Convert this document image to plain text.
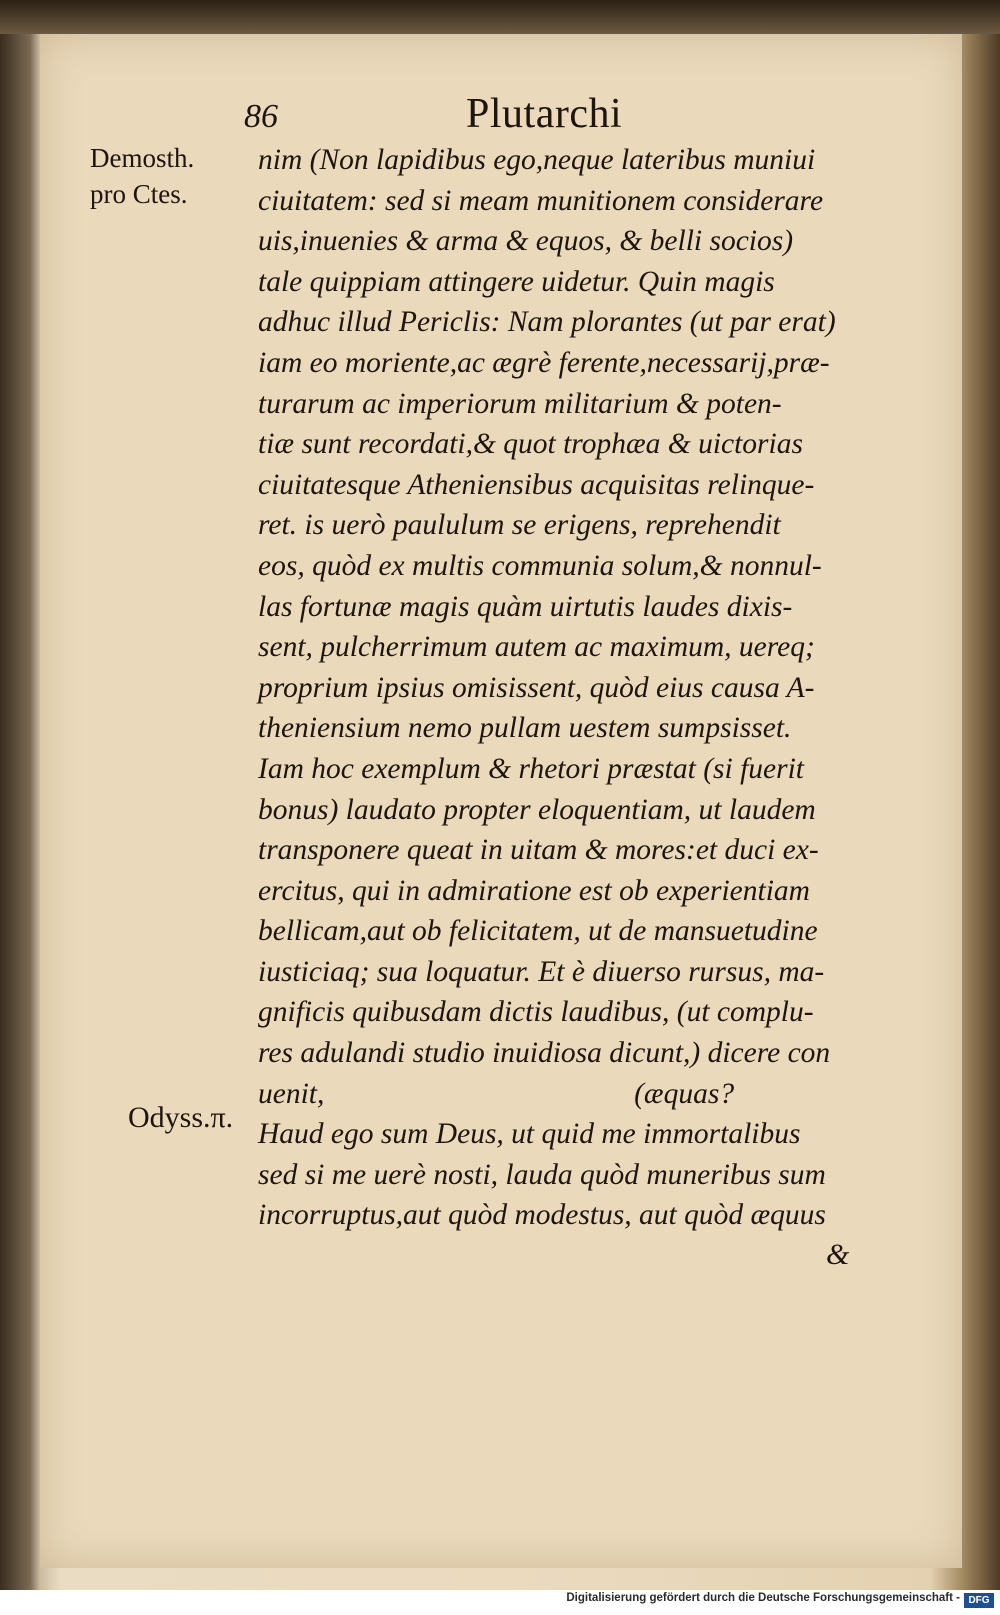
86	Plutarchi
Demosth.
pro Ctes.
Odyss.π.
nim (Non lapidibus ego,neque lateribus muniui
ciuitatem: sed si meam munitionem considerare
uis,inuenies & arma & equos, & belli socios)
tale quippiam attingere uidetur. Quin magis
adhuc illud Periclis: Nam plorantes (ut par erat)
iam eo moriente,ac ægrè ferente,necessarij,præ-
turarum ac imperiorum militarium & poten-
tiæ sunt recordati,& quot trophæa & uictorias
ciuitatesque Atheniensibus acquisitas relinque-
ret. is uerò paululum se erigens, reprehendit
eos, quòd ex multis communia solum,& nonnul-
las fortunæ magis quàm uirtutis laudes dixis-
sent, pulcherrimum autem ac maximum, uereq;
proprium ipsius omisissent, quòd eius causa A-
theniensium nemo pullam uestem sumpsisset.
Iam hoc exemplum & rhetori præstat (si fuerit
bonus) laudato propter eloquentiam, ut laudem
transponere queat in uitam & mores:et duci ex-
ercitus, qui in admiratione est ob experientiam
bellicam,aut ob felicitatem, ut de mansuetudine
iusticiaq; sua loquatur. Et è diuerso rursus, ma-
gnificis quibusdam dictis laudibus, (ut complu-
res adulandi studio inuidiosa dicunt,) dicere con
uenit,                                          (æquas?
Haud ego sum Deus, ut quid me immortalibus
sed si me uerè nosti, lauda quòd muneribus sum
incorruptus,aut quòd modestus, aut quòd æquus
&
Digitalisierung gefördert durch die Deutsche Forschungsgemeinschaft - DFG
